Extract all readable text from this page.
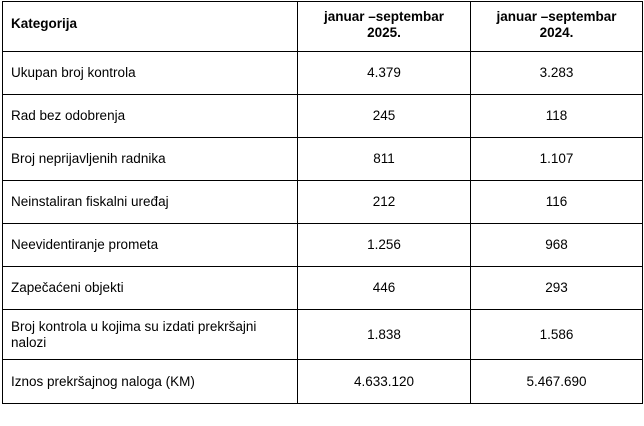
Kategorija	januar –septembar 2025.	januar –septembar 2024.
Ukupan broj kontrola	4.379	3.283
Rad bez odobrenja	245	118
Broj neprijavljenih radnika	811	1.107
Neinstaliran fiskalni uređaj	212	116
Neevidentiranje prometa	1.256	968
Zapečaćeni objekti	446	293
Broj kontrola u kojima su izdati prekršajni nalozi	1.838	1.586
Iznos prekršajnog naloga (KM)	4.633.120	5.467.690
